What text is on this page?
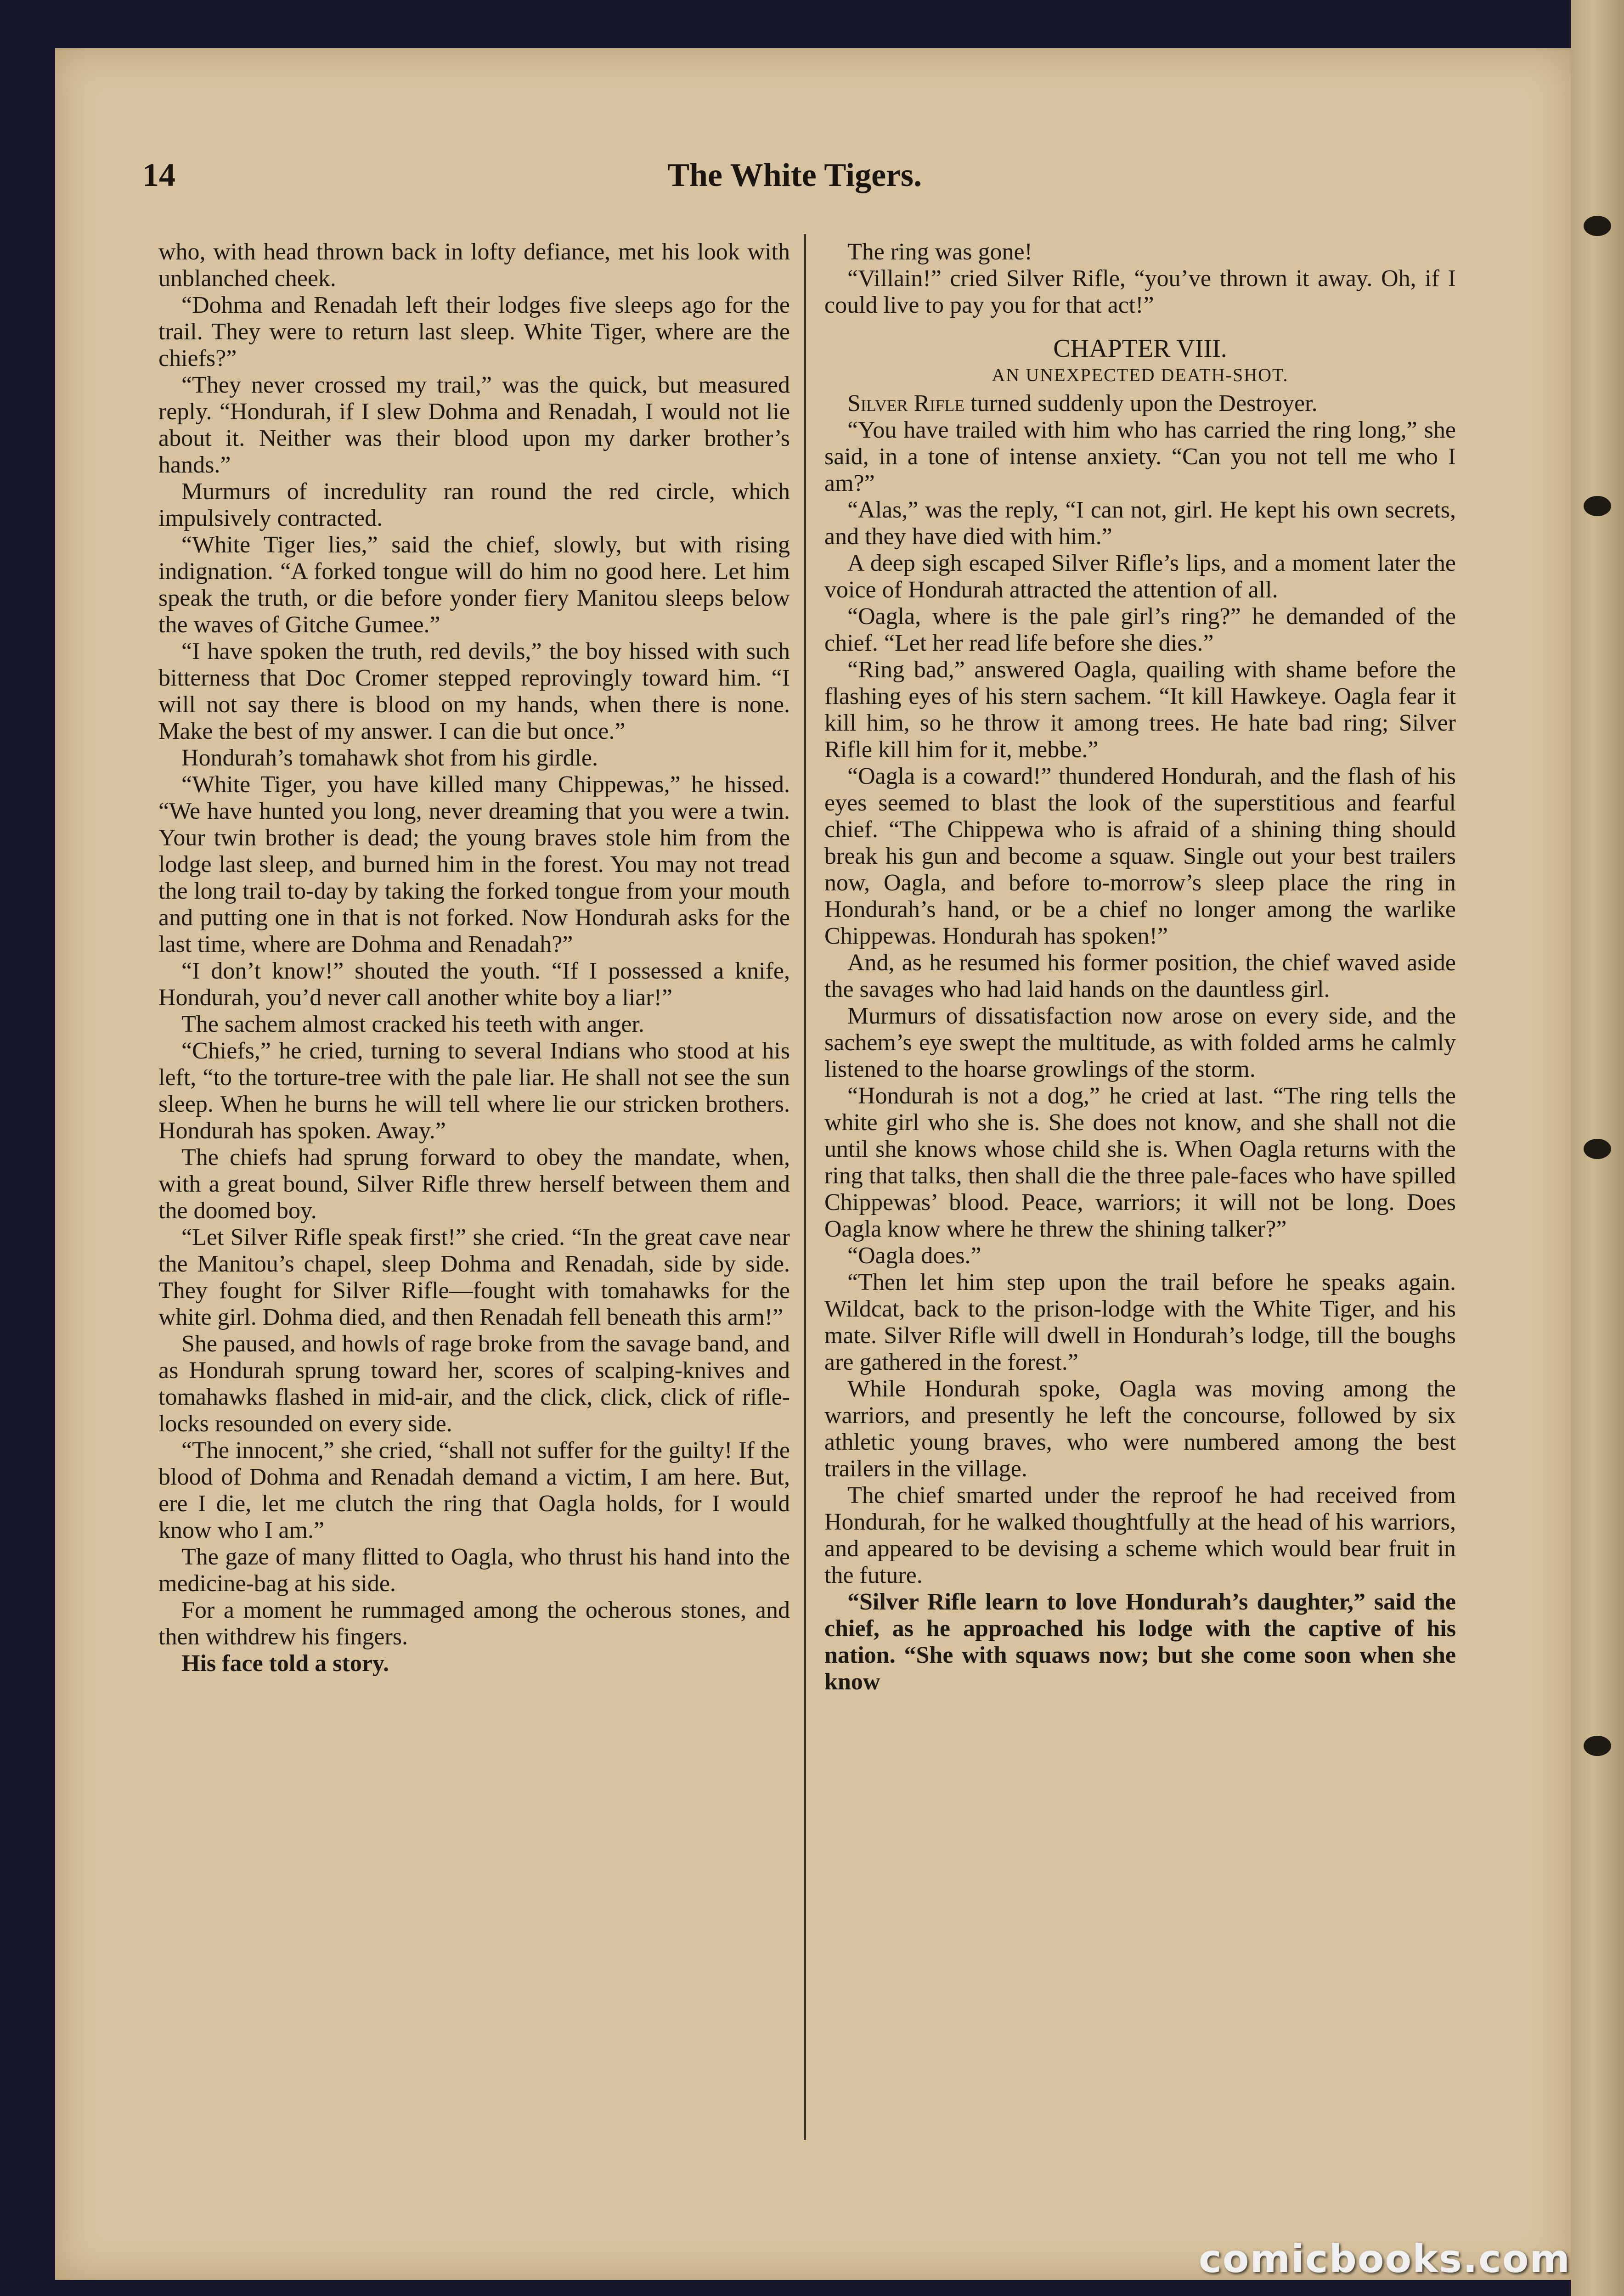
14	The White Tigers.

who, with head thrown back in lofty defiance, met his look with unblanched cheek.

“Dohma and Renadah left their lodges five sleeps ago for the trail. They were to return last sleep. White Tiger, where are the chiefs?”

“They never crossed my trail,” was the quick, but measured reply. “Hondurah, if I slew Dohma and Renadah, I would not lie about it. Neither was their blood upon my darker brother’s hands.”

Murmurs of incredulity ran round the red circle, which impulsively contracted.

“White Tiger lies,” said the chief, slowly, but with rising indignation. “A forked tongue will do him no good here. Let him speak the truth, or die before yonder fiery Manitou sleeps below the waves of Gitche Gumee.”

“I have spoken the truth, red devils,” the boy hissed with such bitterness that Doc Cromer stepped reprovingly toward him. “I will not say there is blood on my hands, when there is none. Make the best of my answer. I can die but once.”

Hondurah’s tomahawk shot from his girdle.

“White Tiger, you have killed many Chippewas,” he hissed. “We have hunted you long, never dreaming that you were a twin. Your twin brother is dead; the young braves stole him from the lodge last sleep, and burned him in the forest. You may not tread the long trail to-day by taking the forked tongue from your mouth and putting one in that is not forked. Now Hondurah asks for the last time, where are Dohma and Renadah?”

“I don’t know!” shouted the youth. “If I possessed a knife, Hondurah, you’d never call another white boy a liar!”

The sachem almost cracked his teeth with anger.

“Chiefs,” he cried, turning to several Indians who stood at his left, “to the torture-tree with the pale liar. He shall not see the sun sleep. When he burns he will tell where lie our stricken brothers. Hondurah has spoken. Away.”

The chiefs had sprung forward to obey the mandate, when, with a great bound, Silver Rifle threw herself between them and the doomed boy.

“Let Silver Rifle speak first!” she cried. “In the great cave near the Manitou’s chapel, sleep Dohma and Renadah, side by side. They fought for Silver Rifle—fought with tomahawks for the white girl. Dohma died, and then Renadah fell beneath this arm!”

She paused, and howls of rage broke from the savage band, and as Hondurah sprung toward her, scores of scalping-knives and tomahawks flashed in mid-air, and the click, click, click of rifle-locks resounded on every side.

“The innocent,” she cried, “shall not suffer for the guilty! If the blood of Dohma and Renadah demand a victim, I am here. But, ere I die, let me clutch the ring that Oagla holds, for I would know who I am.”

The gaze of many flitted to Oagla, who thrust his hand into the medicine-bag at his side.

For a moment he rummaged among the ocherous stones, and then withdrew his fingers.

His face told a story.

The ring was gone!

“Villain!” cried Silver Rifle, “you’ve thrown it away. Oh, if I could live to pay you for that act!”

CHAPTER VIII.

AN UNEXPECTED DEATH-SHOT.

Silver Rifle turned suddenly upon the Destroyer.

“You have trailed with him who has carried the ring long,” she said, in a tone of intense anxiety. “Can you not tell me who I am?”

“Alas,” was the reply, “I can not, girl. He kept his own secrets, and they have died with him.”

A deep sigh escaped Silver Rifle’s lips, and a moment later the voice of Hondurah attracted the attention of all.

“Oagla, where is the pale girl’s ring?” he demanded of the chief. “Let her read life before she dies.”

“Ring bad,” answered Oagla, quailing with shame before the flashing eyes of his stern sachem. “It kill Hawkeye. Oagla fear it kill him, so he throw it among trees. He hate bad ring; Silver Rifle kill him for it, mebbe.”

“Oagla is a coward!” thundered Hondurah, and the flash of his eyes seemed to blast the look of the superstitious and fearful chief. “The Chippewa who is afraid of a shining thing should break his gun and become a squaw. Single out your best trailers now, Oagla, and before to-morrow’s sleep place the ring in Hondurah’s hand, or be a chief no longer among the warlike Chippewas. Hondurah has spoken!”

And, as he resumed his former position, the chief waved aside the savages who had laid hands on the dauntless girl.

Murmurs of dissatisfaction now arose on every side, and the sachem’s eye swept the multitude, as with folded arms he calmly listened to the hoarse growlings of the storm.

“Hondurah is not a dog,” he cried at last. “The ring tells the white girl who she is. She does not know, and she shall not die until she knows whose child she is. When Oagla returns with the ring that talks, then shall die the three pale-faces who have spilled Chippewas’ blood. Peace, warriors; it will not be long. Does Oagla know where he threw the shining talker?”

“Oagla does.”

“Then let him step upon the trail before he speaks again. Wildcat, back to the prison-lodge with the White Tiger, and his mate. Silver Rifle will dwell in Hondurah’s lodge, till the boughs are gathered in the forest.”

While Hondurah spoke, Oagla was moving among the warriors, and presently he left the concourse, followed by six athletic young braves, who were numbered among the best trailers in the village.

The chief smarted under the reproof he had received from Hondurah, for he walked thoughtfully at the head of his warriors, and appeared to be devising a scheme which would bear fruit in the future.

“Silver Rifle learn to love Hondurah’s daughter,” said the chief, as he approached his lodge with the captive of his nation. “She with squaws now; but she come soon when she know

comicbooks.com
